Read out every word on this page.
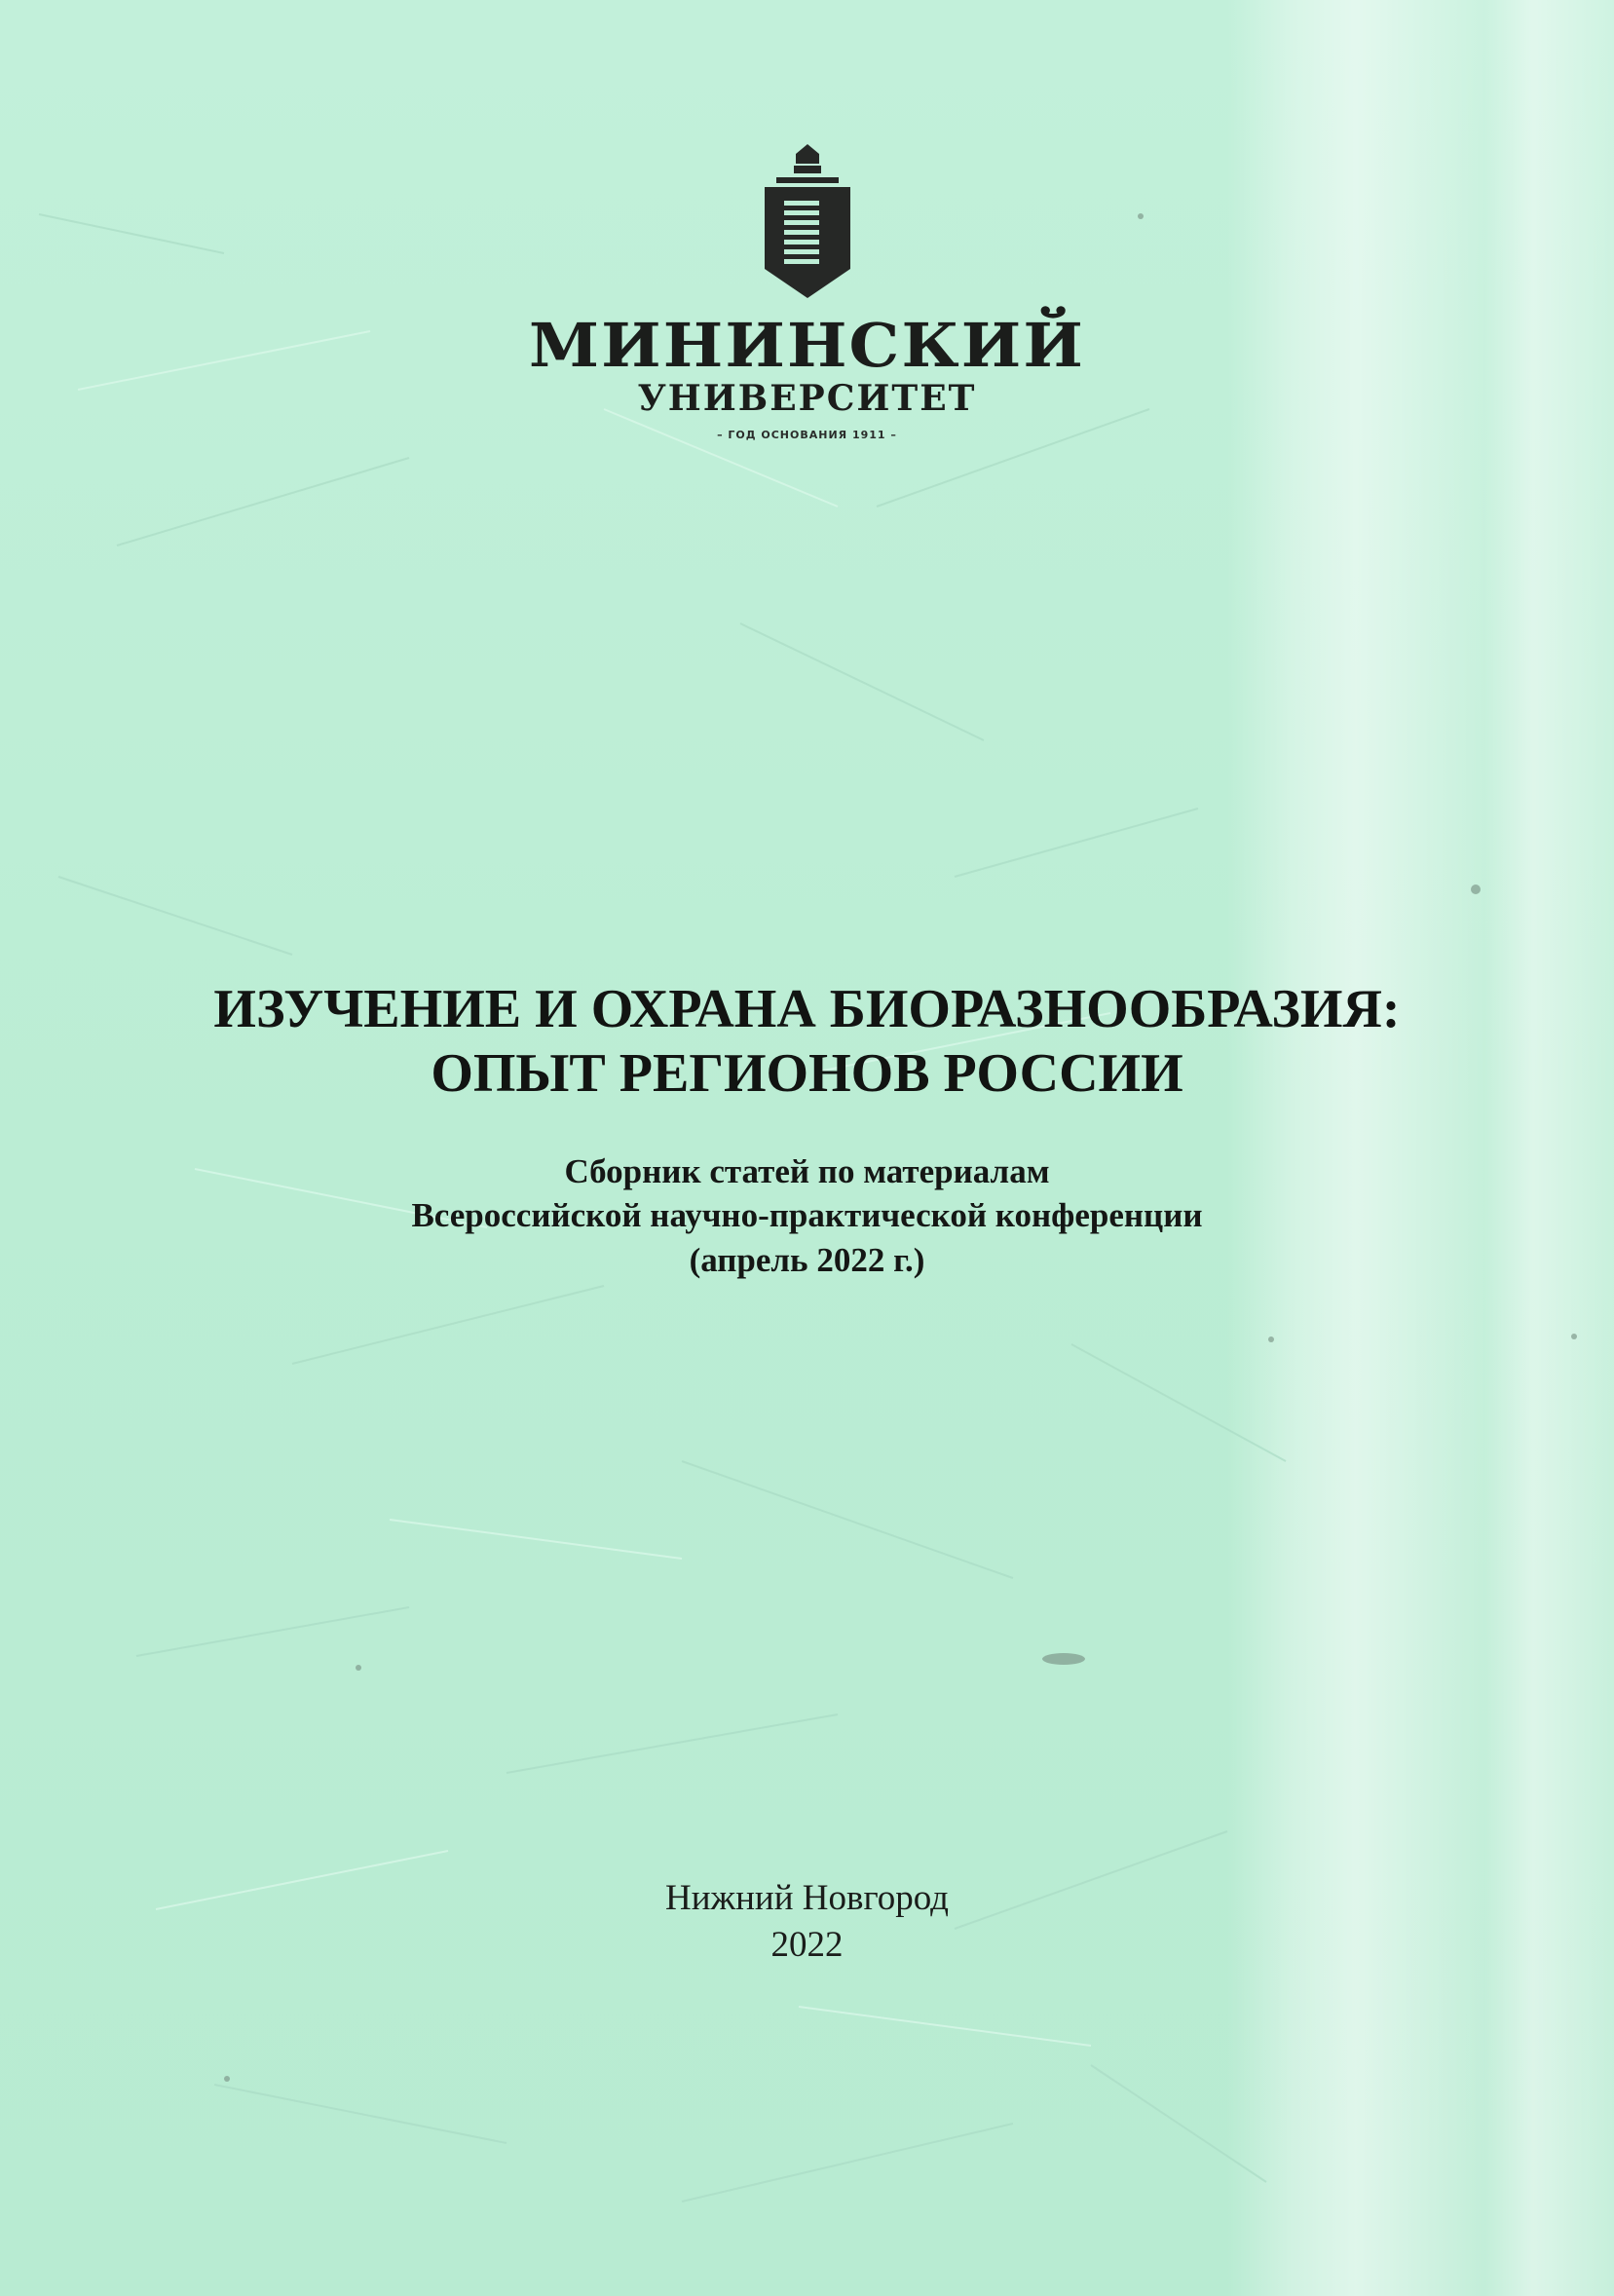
МИНИНСКИЙ
УНИВЕРСИТЕТ
– ГОД ОСНОВАНИЯ 1911 –
ИЗУЧЕНИЕ И ОХРАНА БИОРАЗНООБРАЗИЯ:
ОПЫТ РЕГИОНОВ РОССИИ
Сборник статей по материалам
Всероссийской научно-практической конференции
(апрель 2022 г.)
Нижний Новгород
2022
